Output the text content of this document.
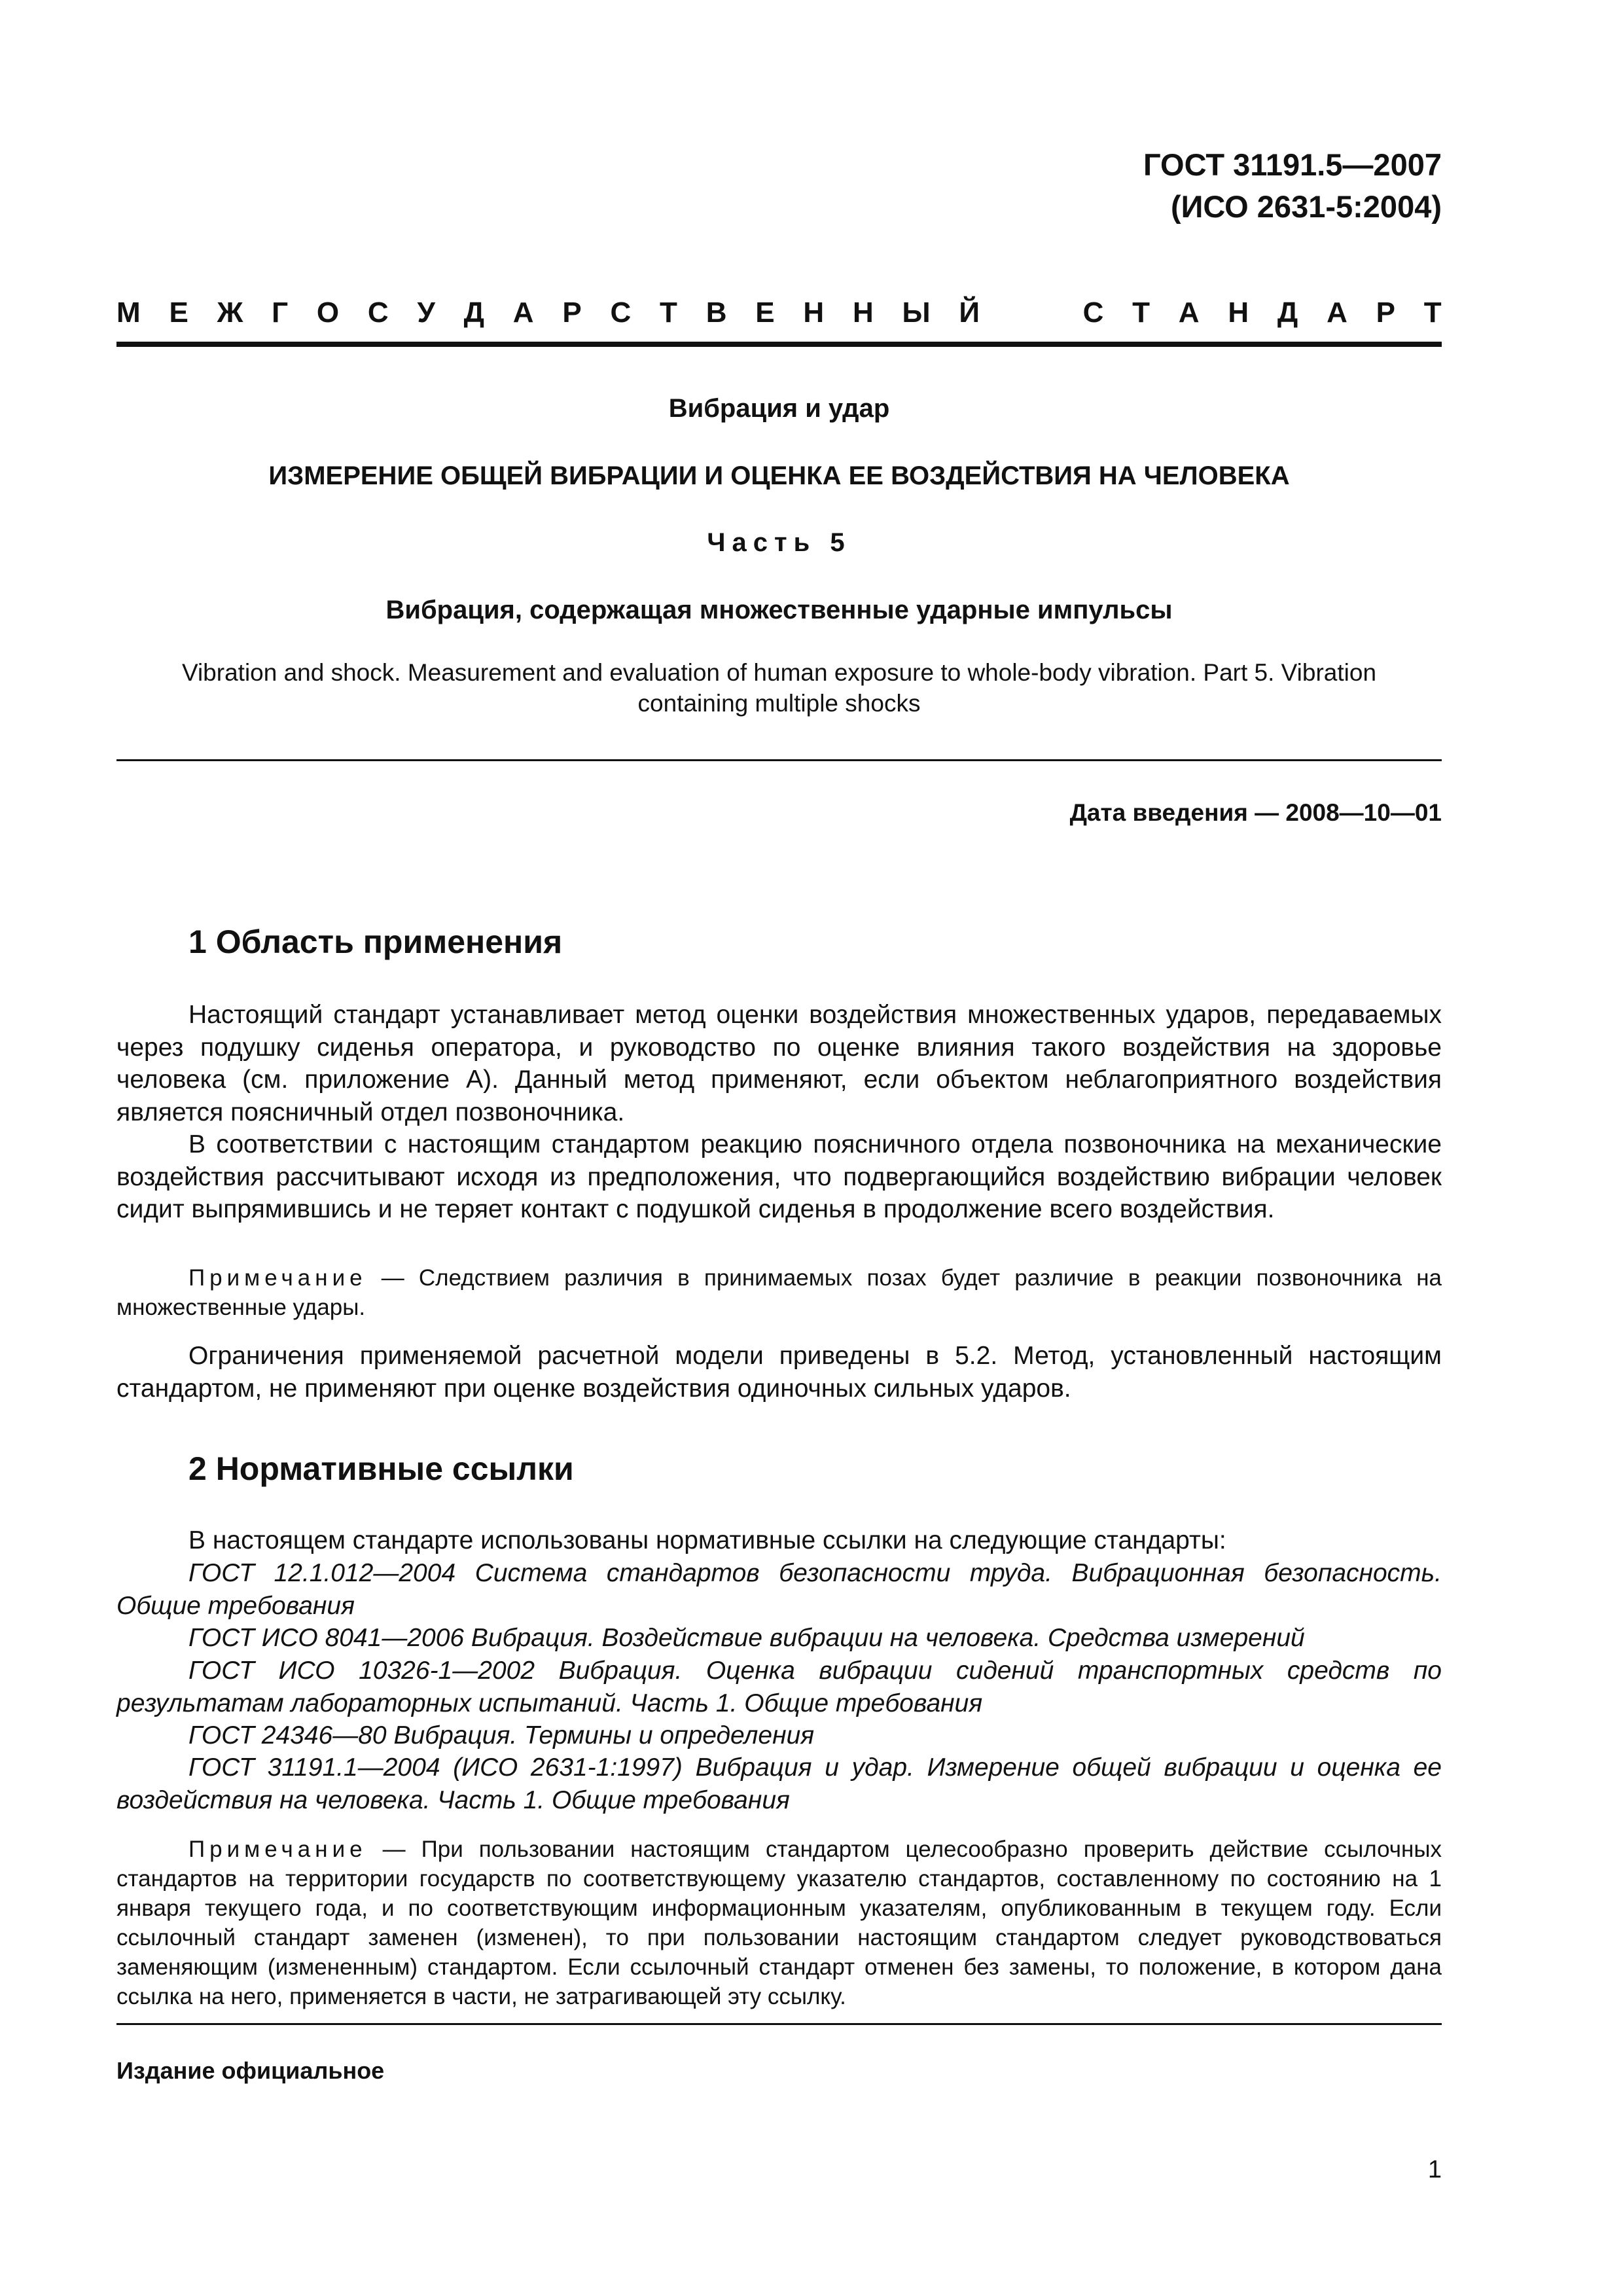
ГОСТ 31191.5—2007
(ИСО 2631-5:2004)
М Е Ж Г О С У Д А Р С Т В Е Н Н Ы Й	С Т А Н Д А Р Т
Вибрация и удар
ИЗМЕРЕНИЕ ОБЩЕЙ ВИБРАЦИИ И ОЦЕНКА ЕЕ ВОЗДЕЙСТВИЯ НА ЧЕЛОВЕКА
Часть 5
Вибрация, содержащая множественные ударные импульсы
Vibration and shock. Measurement and evaluation of human exposure to whole-body vibration. Part 5. Vibration containing multiple shocks
Дата введения — 2008—10—01
1 Область применения

Настоящий стандарт устанавливает метод оценки воздействия множественных ударов, передаваемых через подушку сиденья оператора, и руководство по оценке влияния такого воздействия на здоровье человека (см. приложение А). Данный метод применяют, если объектом неблагоприятного воздействия является поясничный отдел позвоночника.

В соответствии с настоящим стандартом реакцию поясничного отдела позвоночника на механические воздействия рассчитывают исходя из предположения, что подвергающийся воздействию вибрации человек сидит выпрямившись и не теряет контакт с подушкой сиденья в продолжение всего воздействия.

Примечание — Следствием различия в принимаемых позах будет различие в реакции позвоночника на множественные удары.

Ограничения применяемой расчетной модели приведены в 5.2. Метод, установленный настоящим стандартом, не применяют при оценке воздействия одиночных сильных ударов.

2 Нормативные ссылки

В настоящем стандарте использованы нормативные ссылки на следующие стандарты:

ГОСТ 12.1.012—2004 Система стандартов безопасности труда. Вибрационная безопасность. Общие требования

ГОСТ ИСО 8041—2006 Вибрация. Воздействие вибрации на человека. Средства измерений

ГОСТ ИСО 10326-1—2002 Вибрация. Оценка вибрации сидений транспортных средств по результатам лабораторных испытаний. Часть 1. Общие требования

ГОСТ 24346—80 Вибрация. Термины и определения

ГОСТ 31191.1—2004 (ИСО 2631-1:1997) Вибрация и удар. Измерение общей вибрации и оценка ее воздействия на человека. Часть 1. Общие требования

Примечание — При пользовании настоящим стандартом целесообразно проверить действие ссылочных стандартов на территории государств по соответствующему указателю стандартов, составленному по состоянию на 1 января текущего года, и по соответствующим информационным указателям, опубликованным в текущем году. Если ссылочный стандарт заменен (изменен), то при пользовании настоящим стандартом следует руководствоваться заменяющим (измененным) стандартом. Если ссылочный стандарт отменен без замены, то положение, в котором дана ссылка на него, применяется в части, не затрагивающей эту ссылку.

Издание официальное
1
